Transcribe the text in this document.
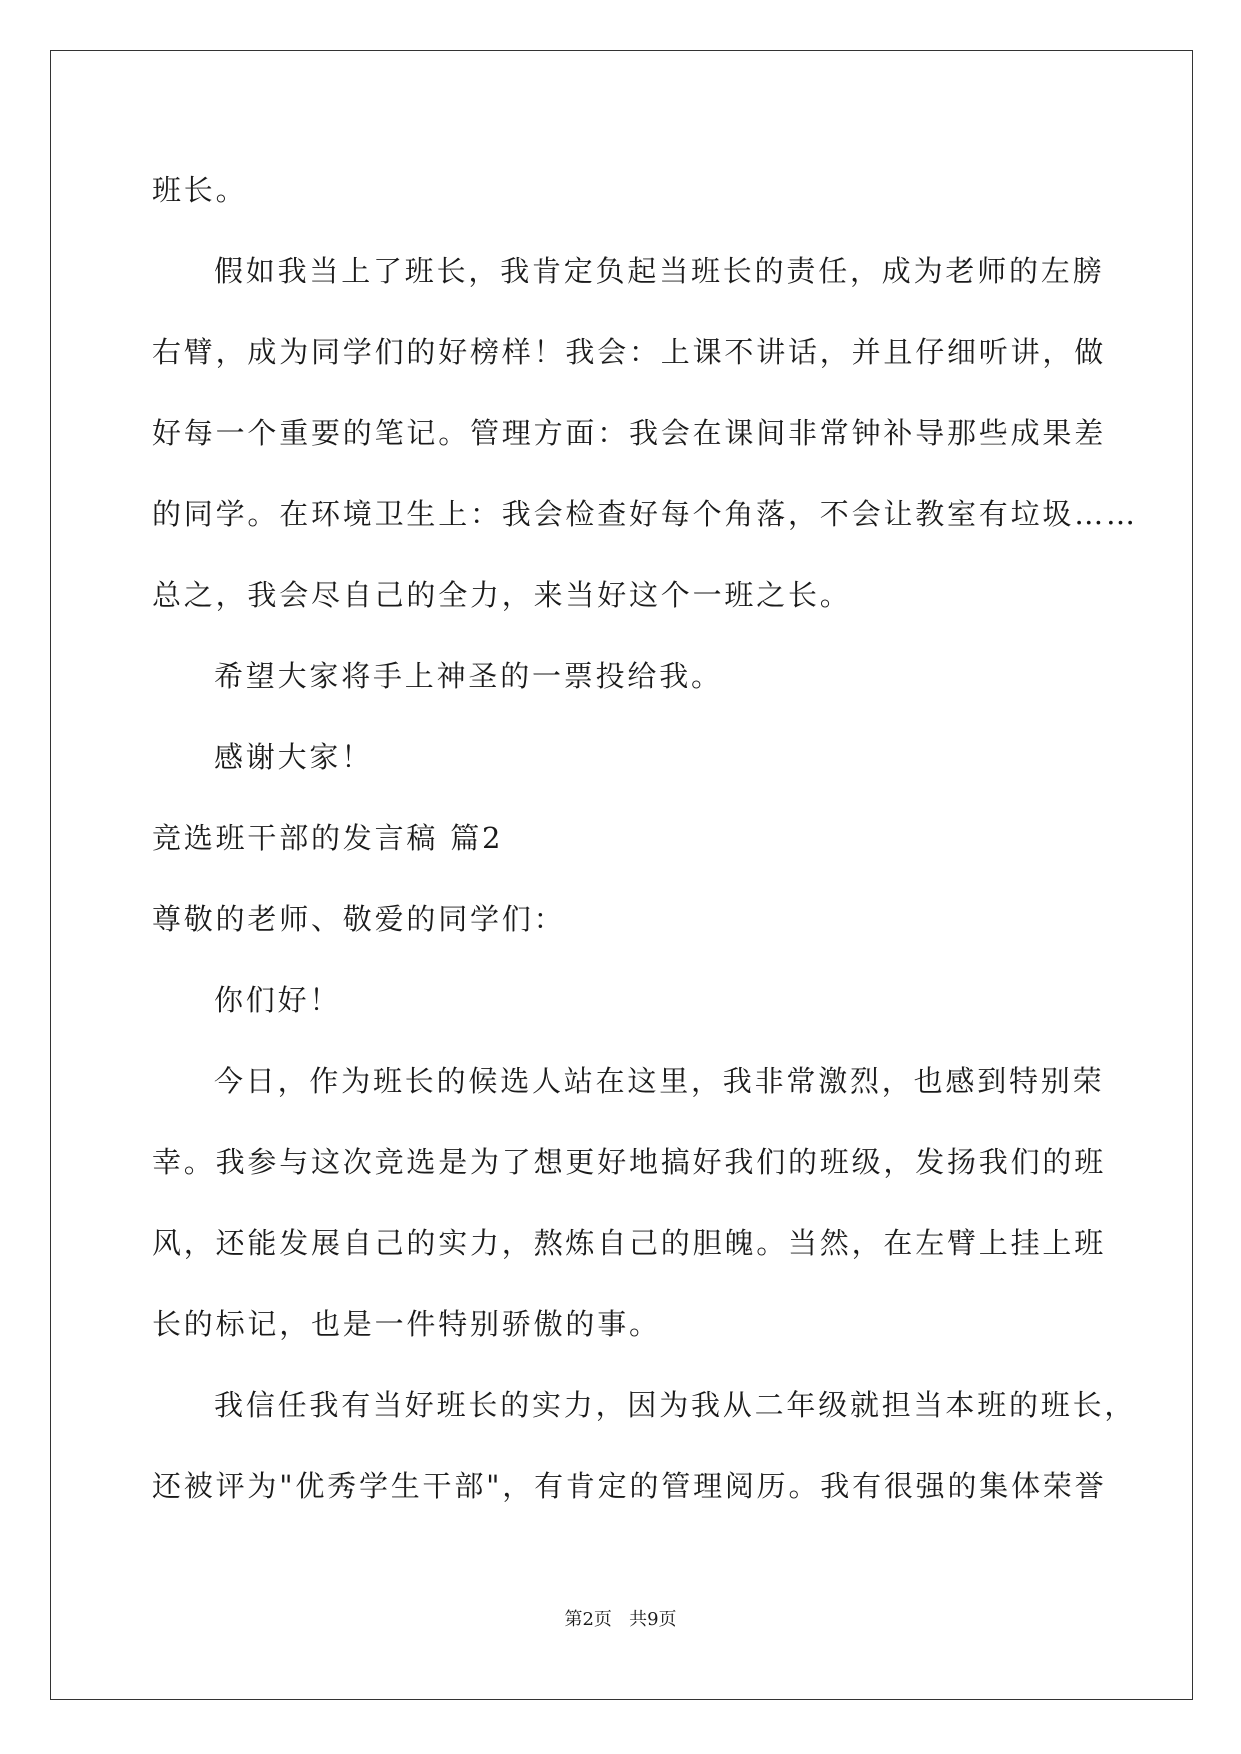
班长。
假如我当上了班长，我肯定负起当班长的责任，成为老师的左膀
右臂，成为同学们的好榜样！我会：上课不讲话，并且仔细听讲，做
好每一个重要的笔记。管理方面：我会在课间非常钟补导那些成果差
的同学。在环境卫生上：我会检查好每个角落，不会让教室有垃圾……
总之，我会尽自己的全力，来当好这个一班之长。
希望大家将手上神圣的一票投给我。
感谢大家！
竞选班干部的发言稿 篇2
尊敬的老师、敬爱的同学们：
你们好！
今日，作为班长的候选人站在这里，我非常激烈，也感到特别荣
幸。我参与这次竞选是为了想更好地搞好我们的班级，发扬我们的班
风，还能发展自己的实力，熬炼自己的胆魄。当然，在左臂上挂上班
长的标记，也是一件特别骄傲的事。
我信任我有当好班长的实力，因为我从二年级就担当本班的班长，
还被评为"优秀学生干部"，有肯定的管理阅历。我有很强的集体荣誉
第2页   共9页
